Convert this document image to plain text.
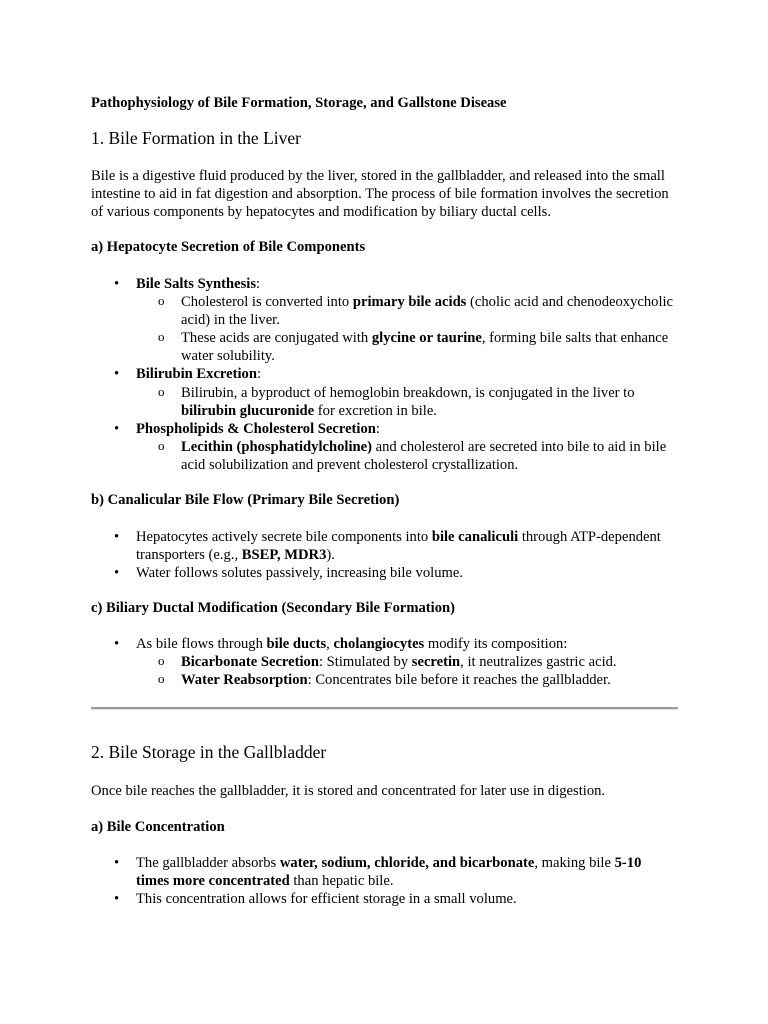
Pathophysiology of Bile Formation, Storage, and Gallstone Disease
1. Bile Formation in the Liver
Bile is a digestive fluid produced by the liver, stored in the gallbladder, and released into the small intestine to aid in fat digestion and absorption. The process of bile formation involves the secretion of various components by hepatocytes and modification by biliary ductal cells.
a) Hepatocyte Secretion of Bile Components
• Bile Salts Synthesis:
o Cholesterol is converted into primary bile acids (cholic acid and chenodeoxycholic acid) in the liver.
o These acids are conjugated with glycine or taurine, forming bile salts that enhance water solubility.
• Bilirubin Excretion:
o Bilirubin, a byproduct of hemoglobin breakdown, is conjugated in the liver to bilirubin glucuronide for excretion in bile.
• Phospholipids & Cholesterol Secretion:
o Lecithin (phosphatidylcholine) and cholesterol are secreted into bile to aid in bile acid solubilization and prevent cholesterol crystallization.
b) Canalicular Bile Flow (Primary Bile Secretion)
• Hepatocytes actively secrete bile components into bile canaliculi through ATP-dependent transporters (e.g., BSEP, MDR3).
• Water follows solutes passively, increasing bile volume.
c) Biliary Ductal Modification (Secondary Bile Formation)
• As bile flows through bile ducts, cholangiocytes modify its composition:
o Bicarbonate Secretion: Stimulated by secretin, it neutralizes gastric acid.
o Water Reabsorption: Concentrates bile before it reaches the gallbladder.
2. Bile Storage in the Gallbladder
Once bile reaches the gallbladder, it is stored and concentrated for later use in digestion.
a) Bile Concentration
• The gallbladder absorbs water, sodium, chloride, and bicarbonate, making bile 5-10 times more concentrated than hepatic bile.
• This concentration allows for efficient storage in a small volume.
